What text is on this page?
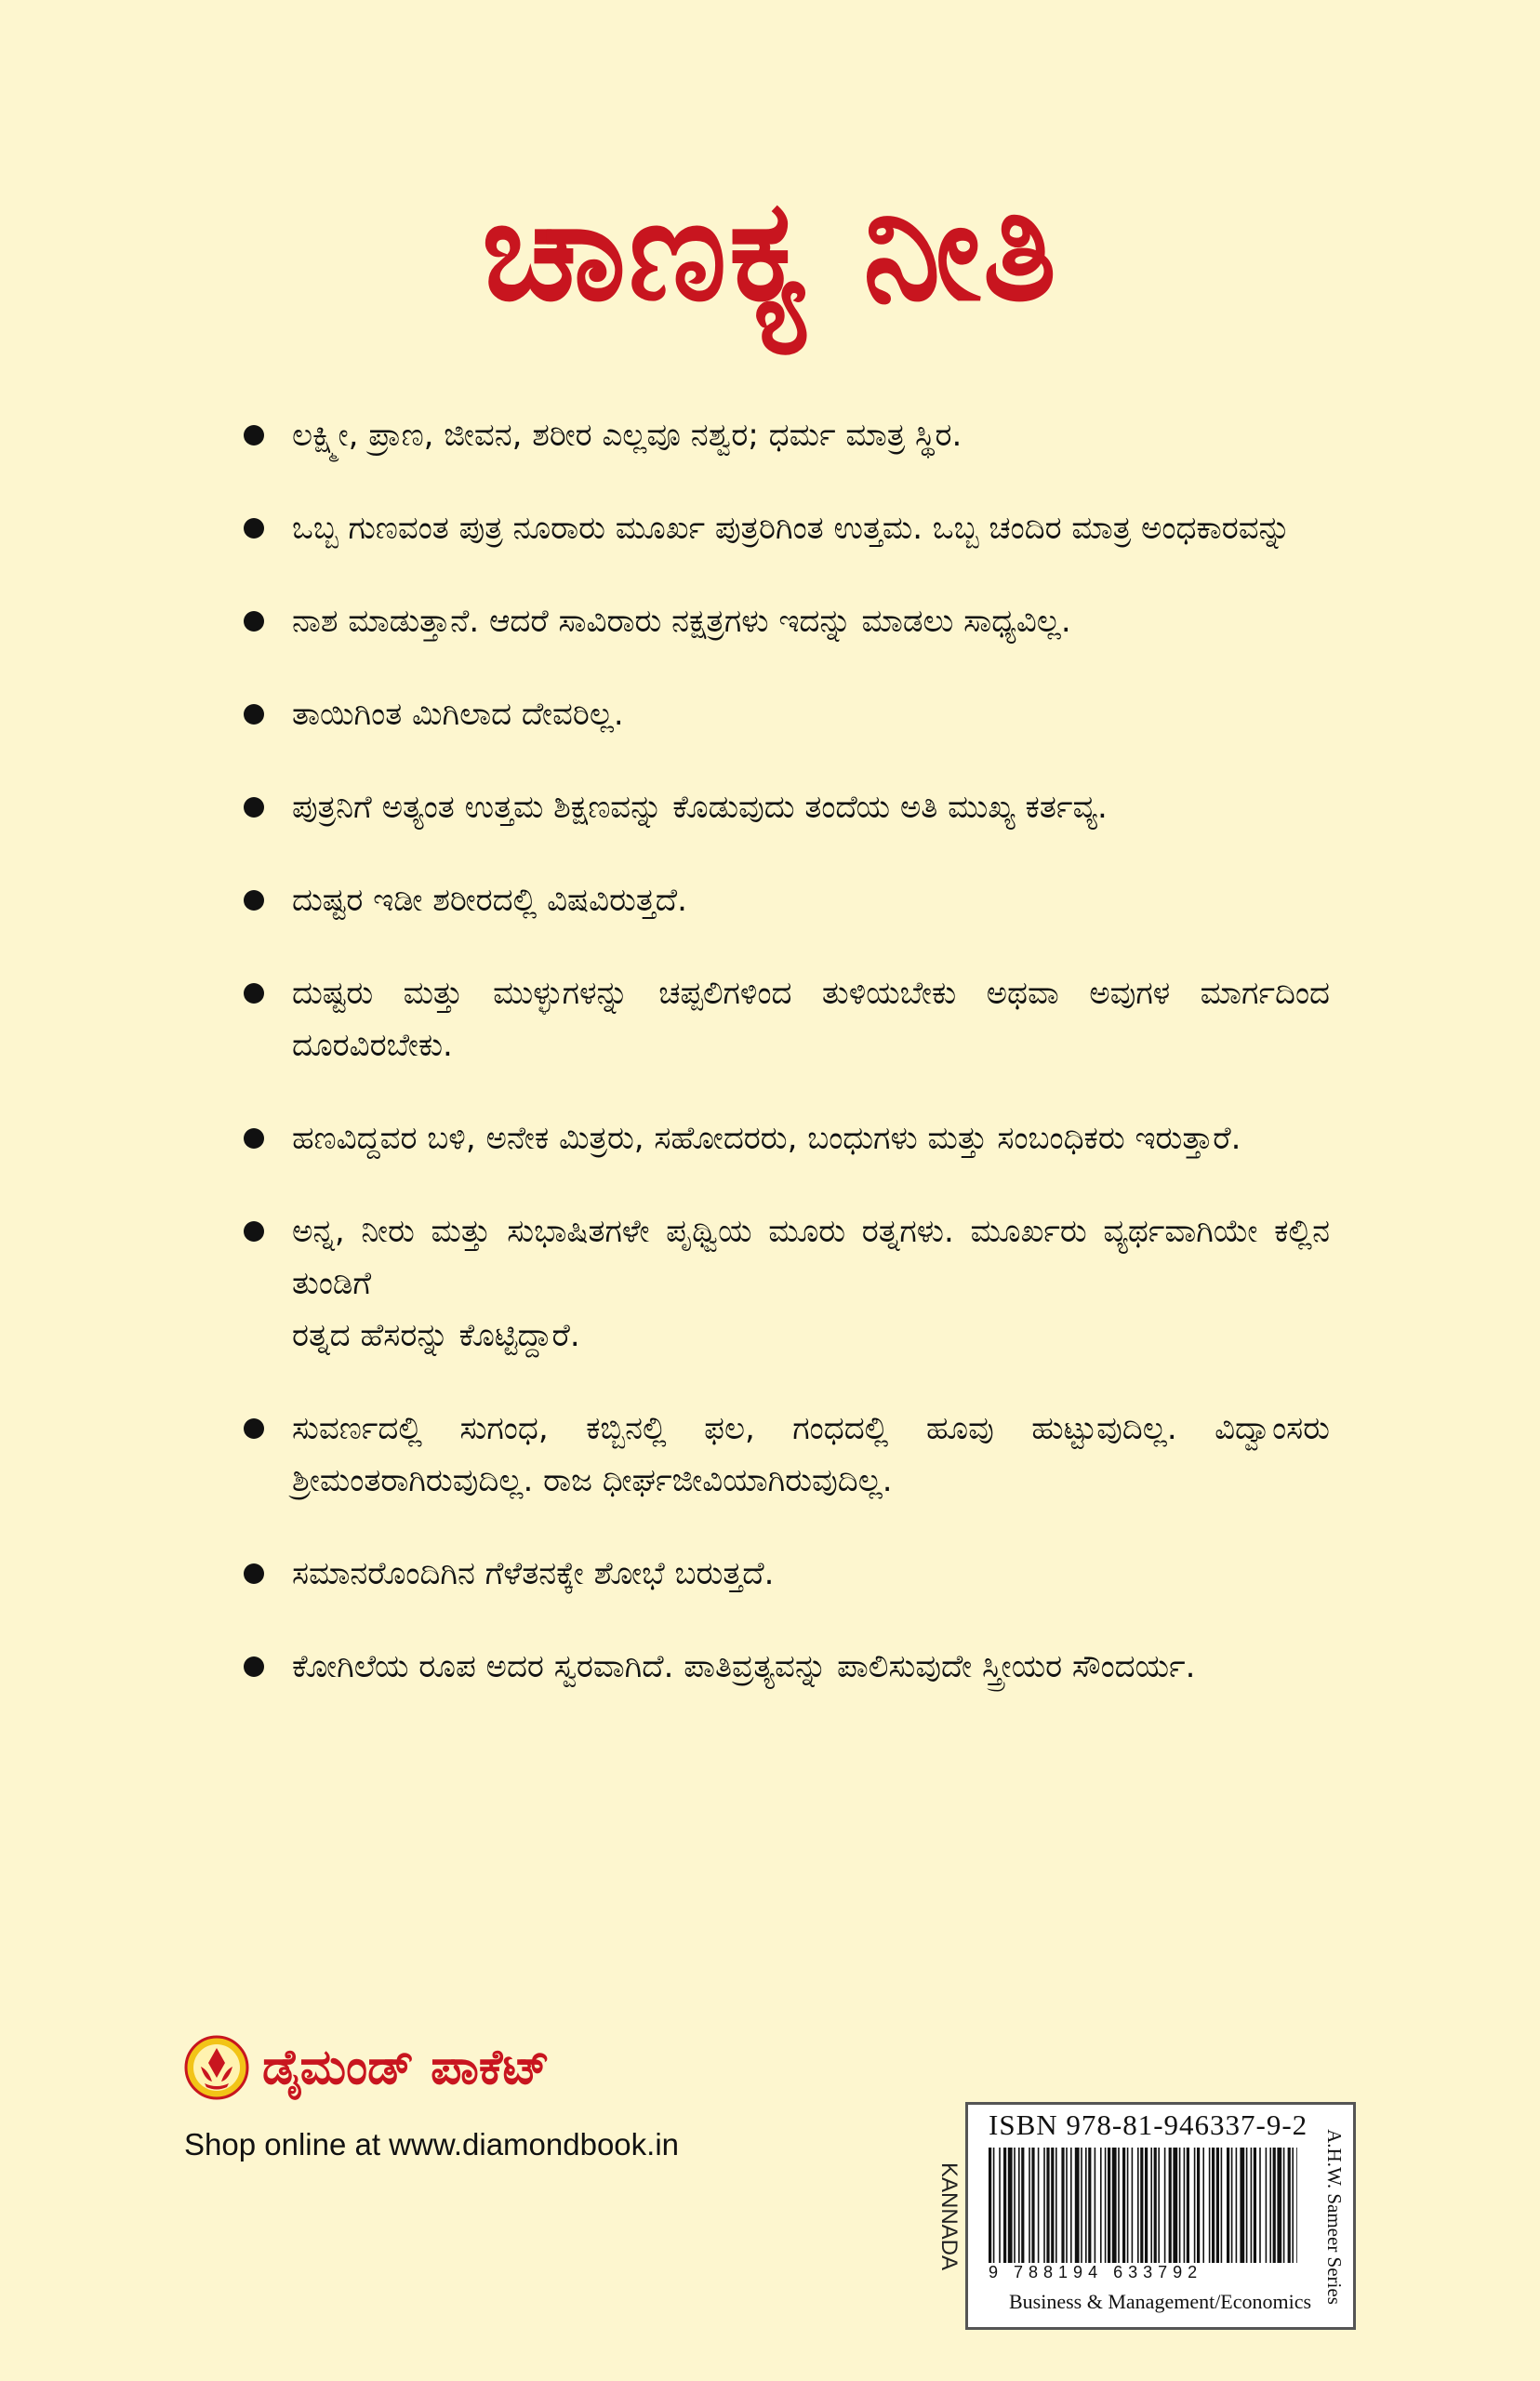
ಚಾಣಕ್ಯ ನೀತಿ
ಲಕ್ಷ್ಮೀ, ಪ್ರಾಣ, ಜೀವನ, ಶರೀರ ಎಲ್ಲವೂ ನಶ್ವರ; ಧರ್ಮ ಮಾತ್ರ ಸ್ಥಿರ.
ಒಬ್ಬ ಗುಣವಂತ ಪುತ್ರ ನೂರಾರು ಮೂರ್ಖ ಪುತ್ರರಿಗಿಂತ ಉತ್ತಮ. ಒಬ್ಬ ಚಂದಿರ ಮಾತ್ರ ಅಂಧಕಾರವನ್ನು
ನಾಶ ಮಾಡುತ್ತಾನೆ. ಆದರೆ ಸಾವಿರಾರು ನಕ್ಷತ್ರಗಳು ಇದನ್ನು ಮಾಡಲು ಸಾಧ್ಯವಿಲ್ಲ.
ತಾಯಿಗಿಂತ ಮಿಗಿಲಾದ ದೇವರಿಲ್ಲ.
ಪುತ್ರನಿಗೆ ಅತ್ಯಂತ ಉತ್ತಮ ಶಿಕ್ಷಣವನ್ನು ಕೊಡುವುದು ತಂದೆಯ ಅತಿ ಮುಖ್ಯ ಕರ್ತವ್ಯ.
ದುಷ್ಟರ ಇಡೀ ಶರೀರದಲ್ಲಿ ವಿಷವಿರುತ್ತದೆ.
ದುಷ್ಟರು ಮತ್ತು ಮುಳ್ಳುಗಳನ್ನು ಚಪ್ಪಲಿಗಳಿಂದ ತುಳಿಯಬೇಕು ಅಥವಾ ಅವುಗಳ ಮಾರ್ಗದಿಂದ ದೂರವಿರಬೇಕು.
ಹಣವಿದ್ದವರ ಬಳಿ, ಅನೇಕ ಮಿತ್ರರು, ಸಹೋದರರು, ಬಂಧುಗಳು ಮತ್ತು ಸಂಬಂಧಿಕರು ಇರುತ್ತಾರೆ.
ಅನ್ನ, ನೀರು ಮತ್ತು ಸುಭಾಷಿತಗಳೇ ಪೃಥ್ವಿಯ ಮೂರು ರತ್ನಗಳು. ಮೂರ್ಖರು ವ್ಯರ್ಥವಾಗಿಯೇ ಕಲ್ಲಿನ ತುಂಡಿಗೆ
ರತ್ನದ ಹೆಸರನ್ನು ಕೊಟ್ಟಿದ್ದಾರೆ.
ಸುವರ್ಣದಲ್ಲಿ ಸುಗಂಧ, ಕಬ್ಬಿನಲ್ಲಿ ಫಲ, ಗಂಧದಲ್ಲಿ ಹೂವು ಹುಟ್ಟುವುದಿಲ್ಲ. ವಿದ್ವಾಂಸರು ಶ್ರೀಮಂತರಾಗಿರುವುದಿಲ್ಲ. ರಾಜ ಧೀರ್ಘಜೀವಿಯಾಗಿರುವುದಿಲ್ಲ.
ಸಮಾನರೊಂದಿಗಿನ ಗೆಳೆತನಕ್ಕೇ ಶೋಭೆ ಬರುತ್ತದೆ.
ಕೋಗಿಲೆಯ ರೂಪ ಅದರ ಸ್ವರವಾಗಿದೆ. ಪಾತಿವ್ರತ್ಯವನ್ನು ಪಾಲಿಸುವುದೇ ಸ್ತ್ರೀಯರ ಸೌಂದರ್ಯ.
ಡೈಮಂಡ್ ಪಾಕೆಟ್
Shop online at www.diamondbook.in
KANNADA
ISBN 978-81-946337-9-2
9 788194 633792
Business & Management/Economics A.H.W. Sameer Series
